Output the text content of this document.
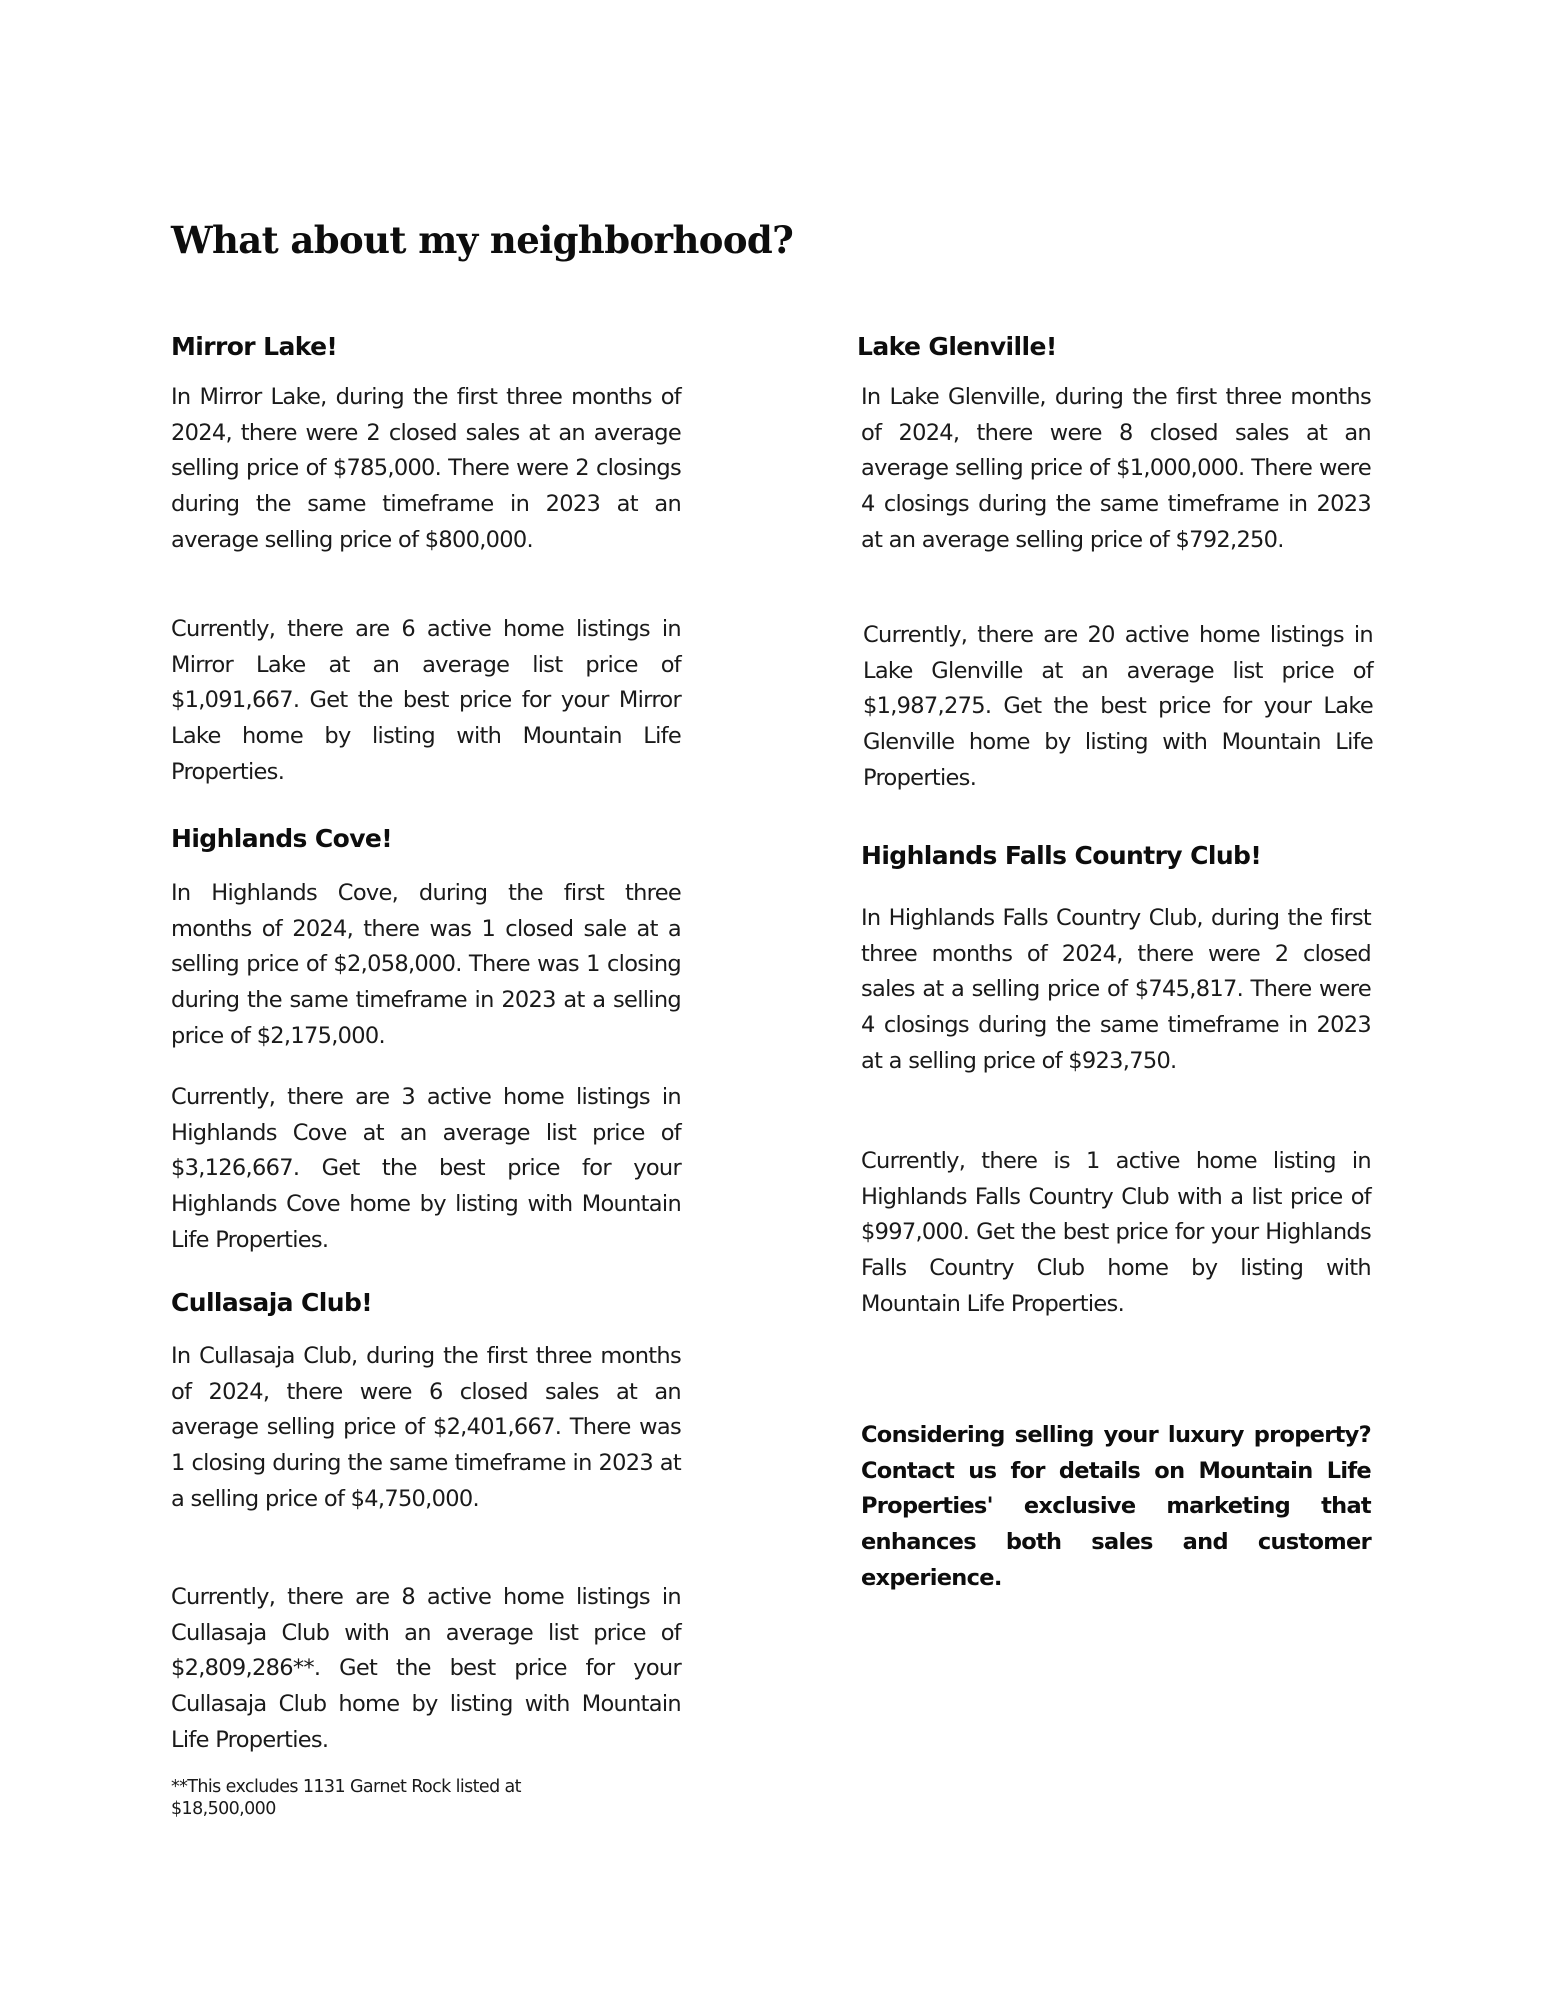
What about my neighborhood?
Mirror Lake!

In Mirror Lake, during the first three months of 2024, there were 2 closed sales at an average selling price of $785,000. There were 2 closings during the same timeframe in 2023 at an average selling price of $800,000.

Currently, there are 6 active home listings in Mirror Lake at an average list price of $1,091,667. Get the best price for your Mirror Lake home by listing with Mountain Life Properties.

Highlands Cove!

In Highlands Cove, during the first three months of 2024, there was 1 closed sale at a selling price of $2,058,000. There was 1 closing during the same timeframe in 2023 at a selling price of $2,175,000.

Currently, there are 3 active home listings in Highlands Cove at an average list price of $3,126,667. Get the best price for your Highlands Cove home by listing with Mountain Life Properties.

Cullasaja Club!

In Cullasaja Club, during the first three months of 2024, there were 6 closed sales at an average selling price of $2,401,667. There was 1 closing during the same timeframe in 2023 at a selling price of $4,750,000.

Currently, there are 8 active home listings in Cullasaja Club with an average list price of $2,809,286**. Get the best price for your Cullasaja Club home by listing with Mountain Life Properties.

**This excludes 1131 Garnet Rock listed at $18,500,000

Lake Glenville!

In Lake Glenville, during the first three months of 2024, there were 8 closed sales at an average selling price of $1,000,000. There were 4 closings during the same timeframe in 2023 at an average selling price of $792,250.

Currently, there are 20 active home listings in Lake Glenville at an average list price of $1,987,275. Get the best price for your Lake Glenville home by listing with Mountain Life Properties.

Highlands Falls Country Club!

In Highlands Falls Country Club, during the first three months of 2024, there were 2 closed sales at a selling price of $745,817. There were 4 closings during the same timeframe in 2023 at a selling price of $923,750.

Currently, there is 1 active home listing in Highlands Falls Country Club with a list price of $997,000. Get the best price for your Highlands Falls Country Club home by listing with Mountain Life Properties.

Considering selling your luxury property? Contact us for details on Mountain Life Properties' exclusive marketing that enhances both sales and customer experience.
